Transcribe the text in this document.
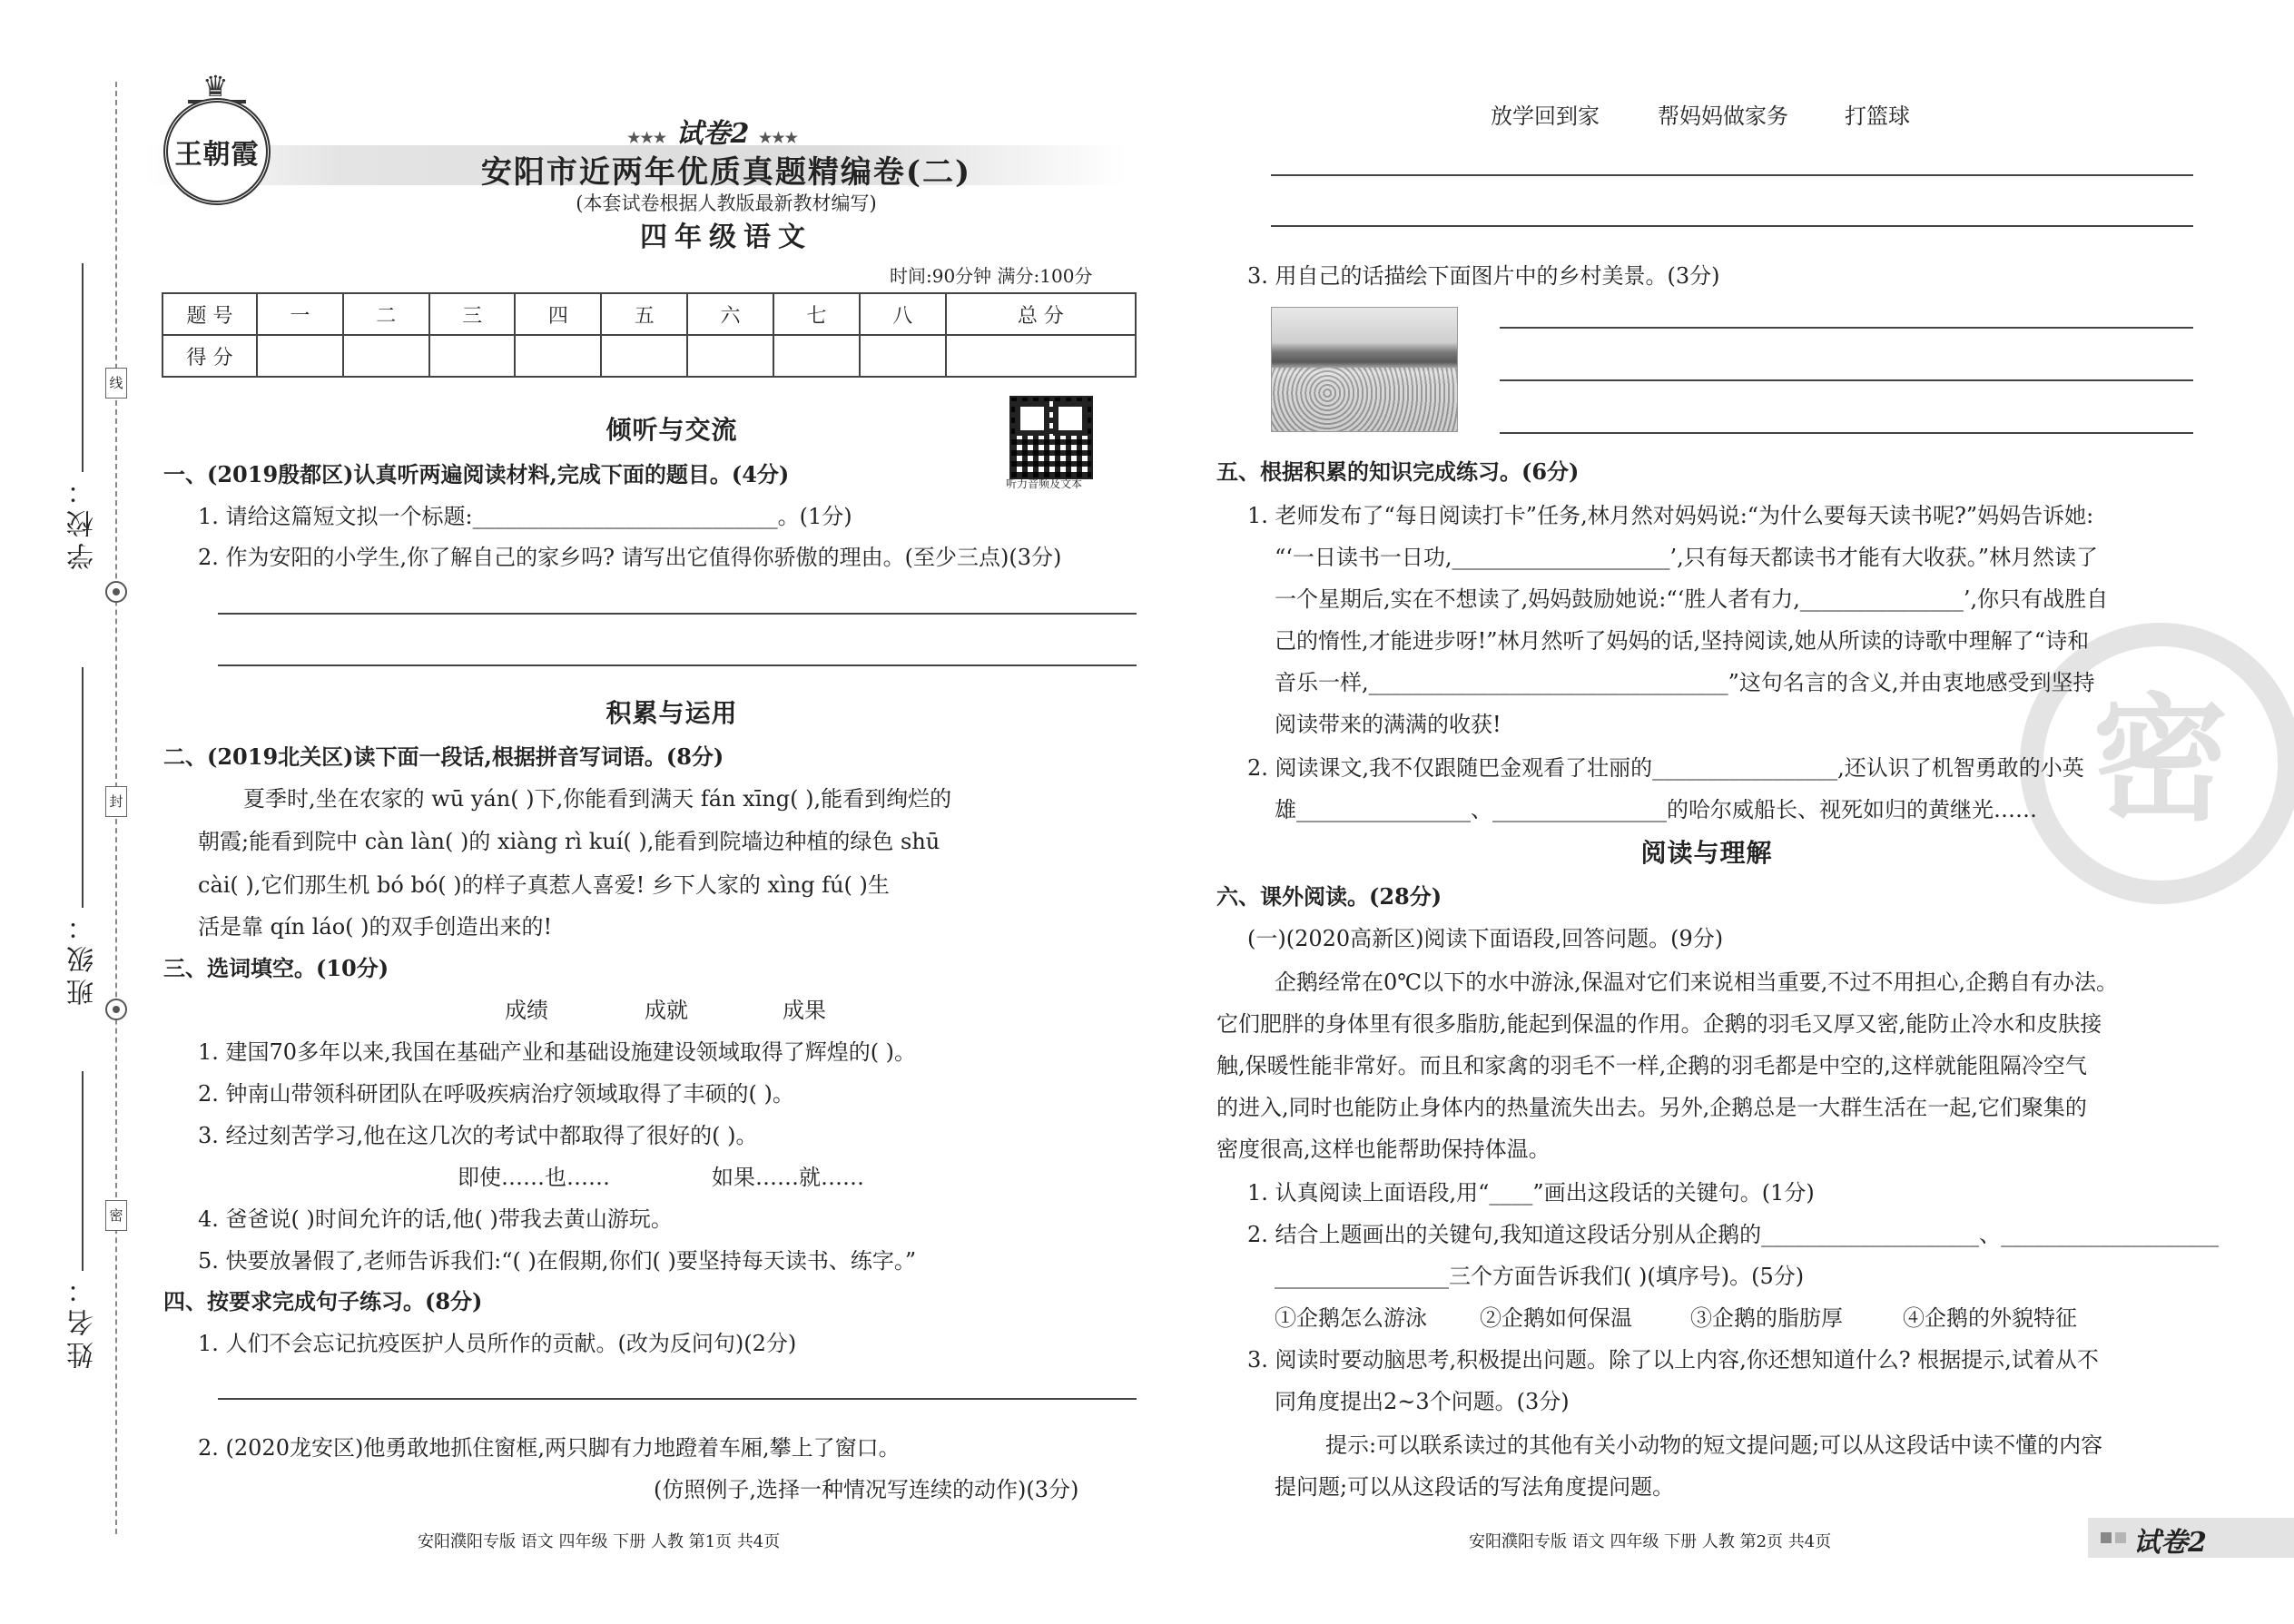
学校：
班级：
姓名：
线
封
密
♛
王朝霞
★★★ 试卷2 ★★★
安阳市近两年优质真题精编卷(二)
(本套试卷根据人教版最新教材编写)
四年级语文
时间:90分钟 满分:100分
题 号	一	二	三	四	五	六	七	八	总 分
得 分									
听力音频及文本
倾听与交流
一、(2019殷都区)认真听两遍阅读材料,完成下面的题目。(4分)
1. 请给这篇短文拟一个标题:____________________________。(1分)
2. 作为安阳的小学生,你了解自己的家乡吗? 请写出它值得你骄傲的理由。(至少三点)(3分)
积累与运用
二、(2019北关区)读下面一段话,根据拼音写词语。(8分)
夏季时,坐在农家的 wū yán( )下,你能看到满天 fán xīng( ),能看到绚烂的
朝霞;能看到院中 càn làn( )的 xiàng rì kuí( ),能看到院墙边种植的绿色 shū
cài( ),它们那生机 bó bó( )的样子真惹人喜爱! 乡下人家的 xìng fú( )生
活是靠 qín láo( )的双手创造出来的!
三、选词填空。(10分)
成绩	成就	成果
1. 建国70多年以来,我国在基础产业和基础设施建设领域取得了辉煌的( )。
2. 钟南山带领科研团队在呼吸疾病治疗领域取得了丰硕的( )。
3. 经过刻苦学习,他在这几次的考试中都取得了很好的( )。
即使……也……	如果……就……
4. 爸爸说( )时间允许的话,他( )带我去黄山游玩。
5. 快要放暑假了,老师告诉我们:“( )在假期,你们( )要坚持每天读书、练字。”
四、按要求完成句子练习。(8分)
1. 人们不会忘记抗疫医护人员所作的贡献。(改为反问句)(2分)
2. (2020龙安区)他勇敢地抓住窗框,两只脚有力地蹬着车厢,攀上了窗口。
(仿照例子,选择一种情况写连续的动作)(3分)
安阳濮阳专版 语文 四年级 下册 人教 第1页 共4页
放学回到家	帮妈妈做家务	打篮球
3. 用自己的话描绘下面图片中的乡村美景。(3分)
密
五、根据积累的知识完成练习。(6分)
1. 老师发布了“每日阅读打卡”任务,林月然对妈妈说:“为什么要每天读书呢?”妈妈告诉她:
“‘一日读书一日功,____________________’,只有每天都读书才能有大收获。”林月然读了
一个星期后,实在不想读了,妈妈鼓励她说:“‘胜人者有力,_______________’,你只有战胜自
己的惰性,才能进步呀!”林月然听了妈妈的话,坚持阅读,她从所读的诗歌中理解了“诗和
音乐一样,_________________________________”这句名言的含义,并由衷地感受到坚持
阅读带来的满满的收获!
2. 阅读课文,我不仅跟随巴金观看了壮丽的_________________,还认识了机智勇敢的小英
雄________________、________________的哈尔威船长、视死如归的黄继光……
阅读与理解
六、课外阅读。(28分)
(一)(2020高新区)阅读下面语段,回答问题。(9分)
企鹅经常在0℃以下的水中游泳,保温对它们来说相当重要,不过不用担心,企鹅自有办法。
它们肥胖的身体里有很多脂肪,能起到保温的作用。企鹅的羽毛又厚又密,能防止冷水和皮肤接
触,保暖性能非常好。而且和家禽的羽毛不一样,企鹅的羽毛都是中空的,这样就能阻隔冷空气
的进入,同时也能防止身体内的热量流失出去。另外,企鹅总是一大群生活在一起,它们聚集的
密度很高,这样也能帮助保持体温。
1. 认真阅读上面语段,用“____”画出这段话的关键句。(1分)
2. 结合上题画出的关键句,我知道这段话分别从企鹅的____________________、____________________
________________三个方面告诉我们( )(填序号)。(5分)
①企鹅怎么游泳 ②企鹅如何保温	③企鹅的脂肪厚	④企鹅的外貌特征
3. 阅读时要动脑思考,积极提出问题。除了以上内容,你还想知道什么? 根据提示,试着从不
同角度提出2~3个问题。(3分)
提示:可以联系读过的其他有关小动物的短文提问题;可以从这段话中读不懂的内容
提问题;可以从这段话的写法角度提问题。
安阳濮阳专版 语文 四年级 下册 人教 第2页 共4页	试卷2
